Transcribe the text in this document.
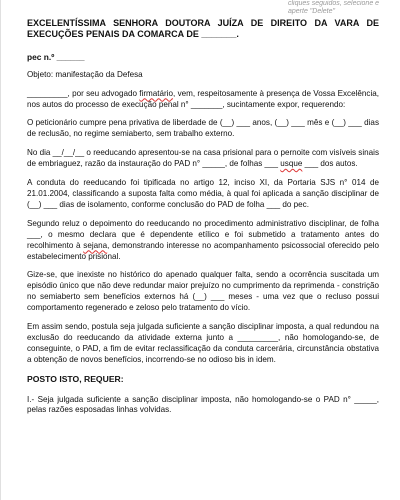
cliques seguidos, selecione e aperte "Delete"

EXCELENTÍSSIMA SENHORA DOUTORA JUÍZA DE DIREITO DA VARA DE EXECUÇÕES PENAIS DA COMARCA DE _______.

pec n.º ______

Objeto: manifestação da Defesa

_________, por seu advogado firmatário, vem, respeitosamente à presença de Vossa Excelência, nos autos do processo de execução penal n° _______, sucintamente expor, requerendo:

O peticionário cumpre pena privativa de liberdade de (__) ___ anos, (__) ___ mês e (__) ___ dias de reclusão, no regime semiaberto, sem trabalho externo.

No dia __/__/__ o reeducando apresentou-se na casa prisional para o pernoite com visíveis sinais de embriaguez, razão da instauração do PAD n° _____, de folhas ___ usque ___ dos autos.

A conduta do reeducando foi tipificada no artigo 12, inciso XI, da Portaria SJS n° 014 de 21.01.2004, classificando a suposta falta como média, à qual foi aplicada a sanção disciplinar de (__) ___ dias de isolamento, conforme conclusão do PAD de folha ___ do pec.

Segundo reluz o depoimento do reeducando no procedimento administrativo disciplinar, de folha ___, o mesmo declara que é dependente etílico e foi submetido a tratamento antes do recolhimento à sejana, demonstrando interesse no acompanhamento psicossocial oferecido pelo estabelecimento prisional.

Gize-se, que inexiste no histórico do apenado qualquer falta, sendo a ocorrência suscitada um episódio único que não deve redundar maior prejuízo no cumprimento da reprimenda - constrição no semiaberto sem benefícios externos há (__) ___ meses - uma vez que o recluso possui comportamento regenerado e zeloso pelo tratamento do vício.

Em assim sendo, postula seja julgada suficiente a sanção disciplinar imposta, a qual redundou na exclusão do reeducando da atividade externa junto a _________, não homologando-se, de conseguinte, o PAD, a fim de evitar reclassificação da conduta carcerária, circunstância obstativa a obtenção de novos benefícios, incorrendo-se no odioso bis in idem.

POSTO ISTO, REQUER:

I.- Seja julgada suficiente a sanção disciplinar imposta, não homologando-se o PAD n° _____, pelas razões esposadas linhas volvidas.
